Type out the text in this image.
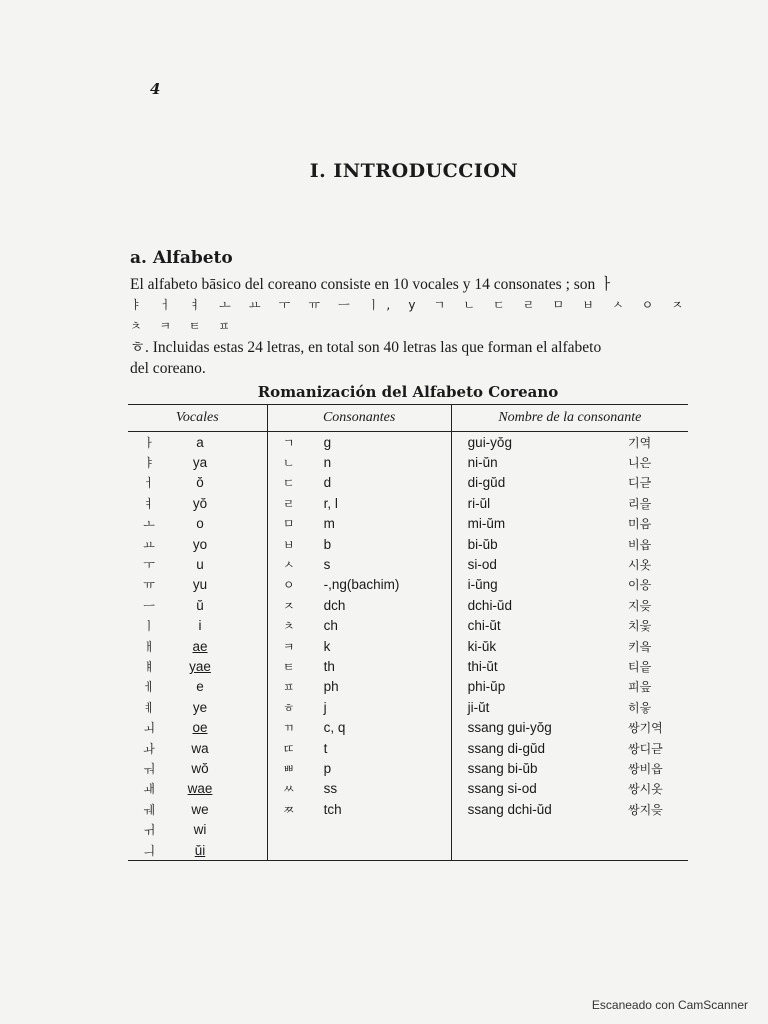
4
I. INTRODUCCION
a. Alfabeto
El alfabeto bāsico del coreano consiste en 10 vocales y 14 consonates ; son ㅏ
ㅑ ㅓ ㅕ ㅗ ㅛ ㅜ ㅠ ㅡ ㅣ, y ㄱ ㄴ ㄷ ㄹ ㅁ ㅂ ㅅ ㅇ ㅈ ㅊ ㅋ ㅌ ㅍ
ㅎ. Incluidas estas 24 letras, en total son 40 letras las que forman el alfabeto
del coreano.
Romanización del Alfabeto Coreano
Vocales	Consonantes	Nombre de la consonante

ㅏ a	ㄱ g	gui-yŏg 기역

ㅑ ya	ㄴ n	ni-ŭn 니은

ㅓ ŏ	ㄷ d	di-gŭd 디귿

ㅕ yŏ	ㄹ r, l	ri-ŭl 리을

ㅗ o	ㅁ m	mi-ŭm 미음

ㅛ yo	ㅂ b	bi-ŭb 비읍

ㅜ u	ㅅ s	si-od 시옷

ㅠ yu	ㅇ -,ng(bachim)	i-ŭng 이응

ㅡ ŭ	ㅈ dch	dchi-ŭd 지읒

ㅣ i	ㅊ ch	chi-ŭt 치읓

ㅐ ae	ㅋ k	ki-ŭk 키읔

ㅒ yae	ㅌ th	thi-ŭt 티읕

ㅔ e	ㅍ ph	phi-ŭp 피읖

ㅖ ye	ㅎ j	ji-ŭt 히읗

ㅚ oe	ㄲ c, q	ssang gui-yŏg 쌍기역

ㅘ wa	ㄸ t	ssang di-gŭd 쌍디귿

ㅝ wŏ	ㅃ p	ssang bi-ŭb 쌍비읍

ㅙ wae	ㅆ ss	ssang si-od 쌍시옷

ㅞ we	ㅉ tch	ssang dchi-ŭd 쌍지읒

ㅟ wi		

ㅢ ŭi		

Escaneado con CamScanner
